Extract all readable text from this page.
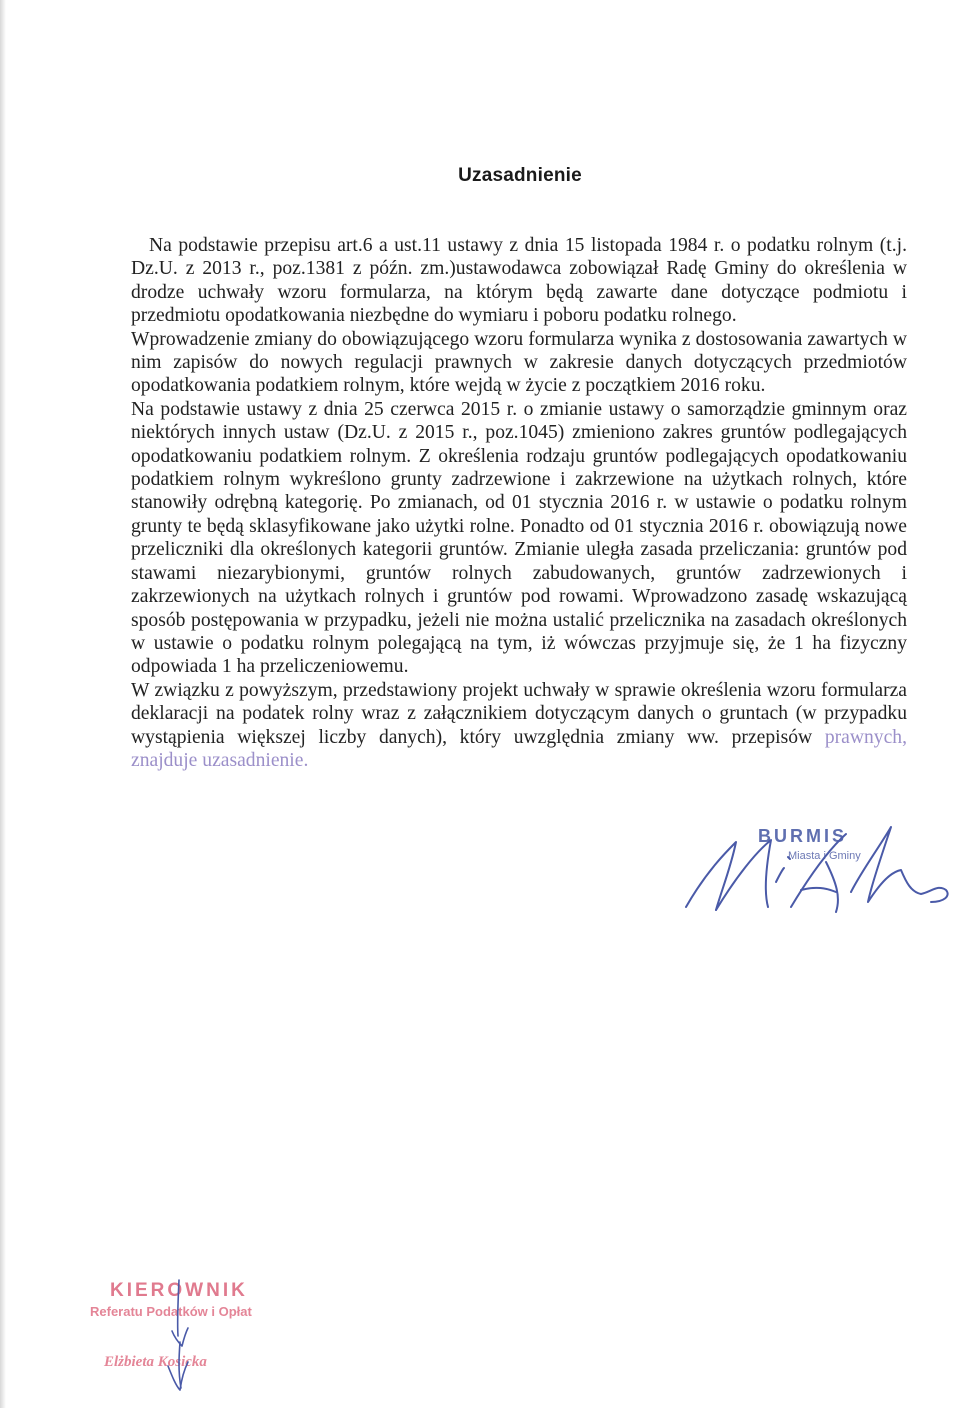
Uzasadnienie

Na podstawie przepisu art.6 a ust.11 ustawy z dnia 15 listopada 1984 r. o podatku rolnym (t.j. Dz.U. z 2013 r., poz.1381 z późn. zm.)ustawodawca zobowiązał Radę Gminy do określenia w drodze uchwały wzoru formularza, na którym będą zawarte dane dotyczące podmiotu i przedmiotu opodatkowania niezbędne do wymiaru i poboru podatku rolnego.

Wprowadzenie zmiany do obowiązującego wzoru formularza wynika z dostosowania zawartych w nim zapisów do nowych regulacji prawnych w zakresie danych dotyczących przedmiotów opodatkowania podatkiem rolnym, które wejdą w życie z początkiem 2016 roku.

Na podstawie ustawy z dnia 25 czerwca 2015 r. o zmianie ustawy o samorządzie gminnym oraz niektórych innych ustaw (Dz.U. z 2015 r., poz.1045) zmieniono zakres gruntów podlegających opodatkowaniu podatkiem rolnym. Z określenia rodzaju gruntów podlegających opodatkowaniu podatkiem rolnym wykreślono grunty zadrzewione i zakrzewione na użytkach rolnych, które stanowiły odrębną kategorię. Po zmianach, od 01 stycznia 2016 r. w ustawie o podatku rolnym grunty te będą sklasyfikowane jako użytki rolne. Ponadto od 01 stycznia 2016 r. obowiązują nowe przeliczniki dla określonych kategorii gruntów. Zmianie uległa zasada przeliczania: gruntów pod stawami niezarybionymi, gruntów rolnych zabudowanych, gruntów zadrzewionych i zakrzewionych na użytkach rolnych i gruntów pod rowami. Wprowadzono zasadę wskazującą sposób postępowania w przypadku, jeżeli nie można ustalić przelicznika na zasadach określonych w ustawie o podatku rolnym polegającą na tym, iż wówczas przyjmuje się, że 1 ha fizyczny odpowiada 1 ha przeliczeniowemu.

W związku z powyższym, przedstawiony projekt uchwały w sprawie określenia wzoru formularza deklaracji na podatek rolny wraz z załącznikiem dotyczącym danych o gruntach (w przypadku wystąpienia większej liczby danych), który uwzględnia zmiany ww. przepisów prawnych, znajduje uzasadnienie.

BURMIS
Miasta i Gminy
KIEROWNIK
Referatu Podatków i Opłat
Elżbieta Kosicka
